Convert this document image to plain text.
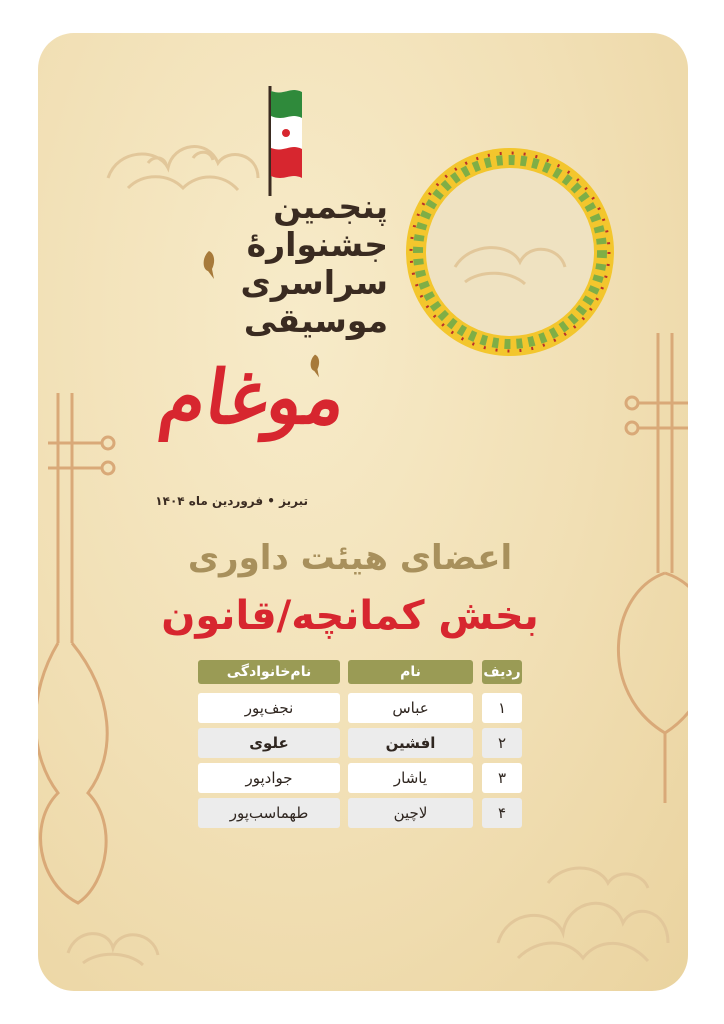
پنجمین
جشنوارهٔ
سراسری
موسیقی
موغام
تبریز • فروردین ماه ۱۴۰۴
اعضای هیئت داوری
بخش کمانچه/قانون
ردیف
نام
نام‌خانوادگی
۱
عباس
نجف‌پور
۲
افشین
علوی
۳
یاشار
جوادپور
۴
لاچین
طهماسب‌پور
